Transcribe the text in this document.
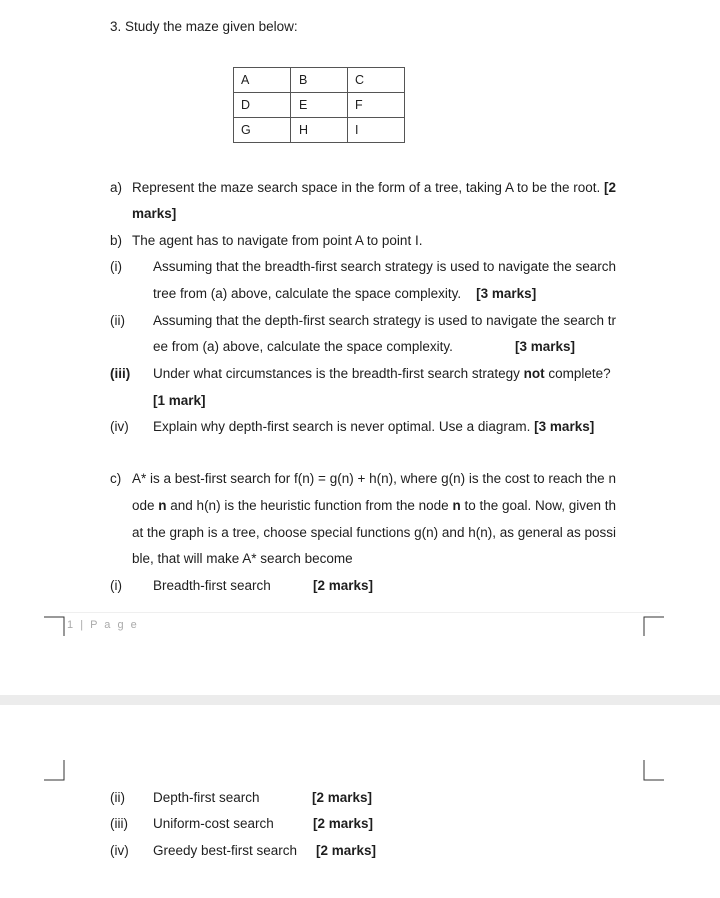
3. Study the maze given below:
A	B	C
D	E	F
G	H	I
a) Represent the maze search space in the form of a tree, taking A to be the root. [2
marks]
b) The agent has to navigate from point A to point I.
(i) Assuming that the breadth-first search strategy is used to navigate the search
tree from (a) above, calculate the space complexity. [3 marks]
(ii) Assuming that the depth-first search strategy is used to navigate the search tr
ee from (a) above, calculate the space complexity.	[3 marks]
(iii) Under what circumstances is the breadth-first search strategy not complete?
[1 mark]
(iv) Explain why depth-first search is never optimal. Use a diagram. [3 marks]
c) A* is a best-first search for f(n) = g(n) + h(n), where g(n) is the cost to reach the n
ode n and h(n) is the heuristic function from the node n to the goal. Now, given th
at the graph is a tree, choose special functions g(n) and h(n), as general as possi
ble, that will make A* search become
(i) Breadth-first search	[2 marks]
1 | P a g e
(ii) Depth-first search	[2 marks]
(iii) Uniform-cost search	[2 marks]
(iv) Greedy best-first search [2 marks]
